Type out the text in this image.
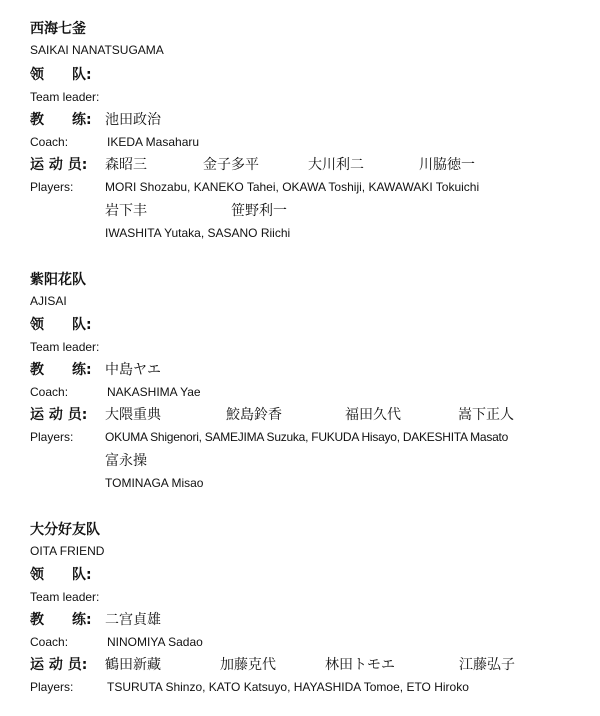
西海七釜
SAIKAI NANATSUGAMA
领　　队:
Team leader:
教　　练: 池田政治
Coach:	IKEDA Masaharu
运 动 员: 森昭三	金子多平	大川利二	川脇徳一
Players:	MORI Shozabu, KANEKO Tahei, OKAWA Toshiji, KAWAWAKI Tokuichi
岩下丰	笹野利一
IWASHITA Yutaka, SASANO Riichi
紫阳花队
AJISAI
领　　队:
Team leader:
教　　练: 中島ヤエ
Coach:	NAKASHIMA Yae
运 动 员: 大隈重典	鮫島鈴香	福田久代	嵩下正人
Players:	OKUMA Shigenori, SAMEJIMA Suzuka, FUKUDA Hisayo, DAKESHITA Masato
富永操
TOMINAGA Misao
大分好友队
OITA FRIEND
领　　队:
Team leader:
教　　练: 二宫貞雄
Coach:	NINOMIYA Sadao
运 动 员: 鶴田新藏	加藤克代	林田トモエ	江藤弘子
Players:	TSURUTA Shinzo, KATO Katsuyo, HAYASHIDA Tomoe, ETO Hiroko
